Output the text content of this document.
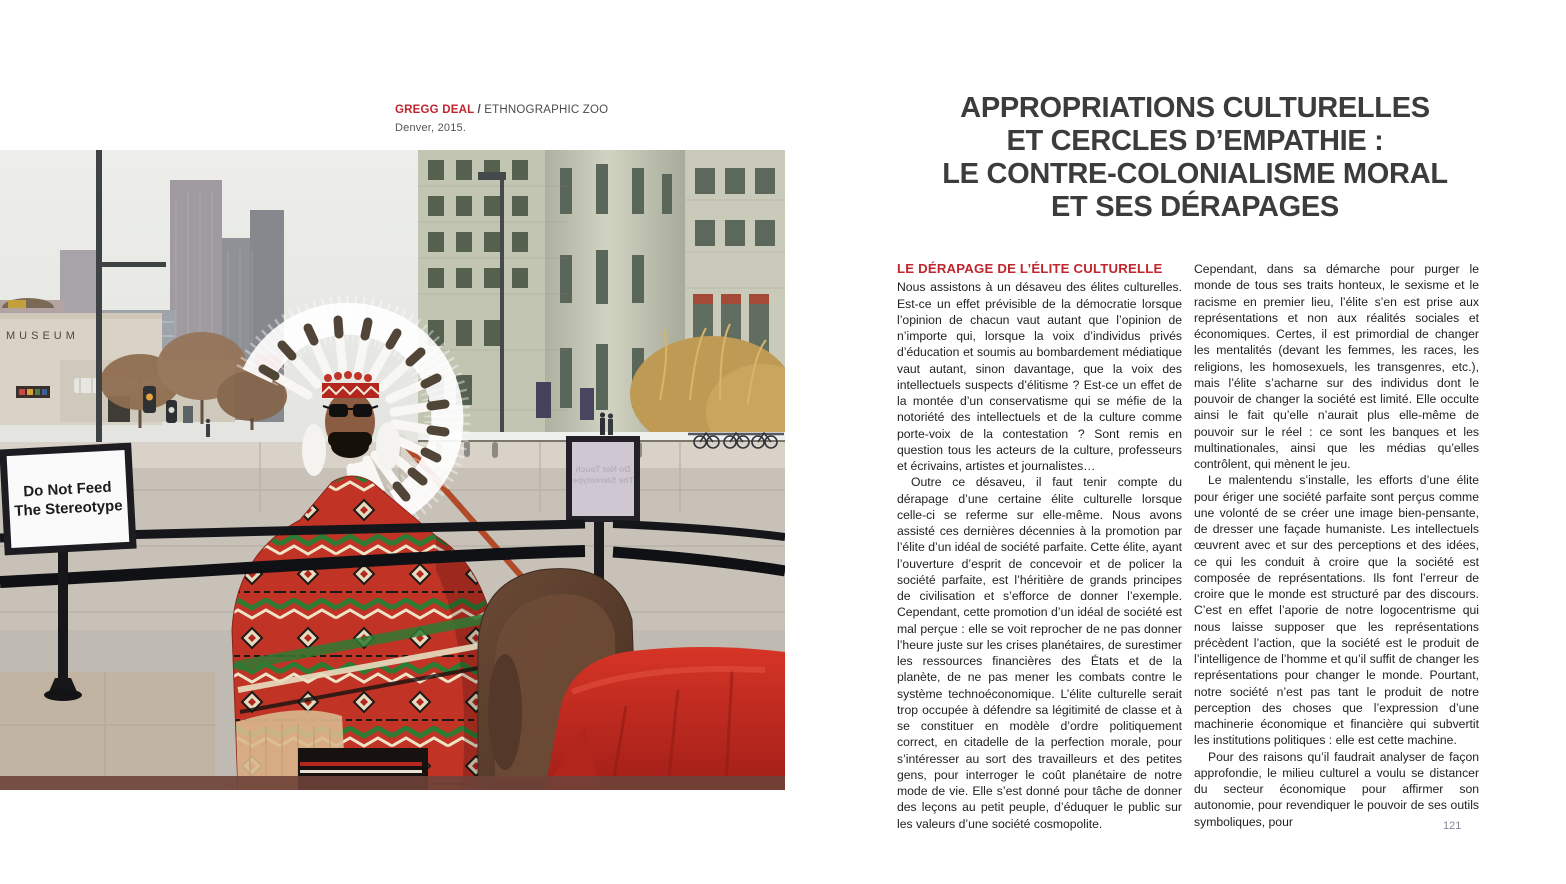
GREGG DEAL / ETHNOGRAPHIC ZOO
Denver, 2015.
MUSEUM
Do Not Touch
The Stereotype
Do Not Feed
The Stereotype
APPROPRIATIONS CULTURELLES
ET CERCLES D’EMPATHIE :
LE CONTRE-COLONIALISME MORAL
ET SES DÉRAPAGES
LE DÉRAPAGE DE L’ÉLITE CULTURELLE

Nous assistons à un désaveu des élites culturelles. Est-ce un effet prévisible de la démocratie lorsque l’opinion de chacun vaut autant que l’opinion de n’importe qui, lorsque la voix d’individus privés d’éducation et soumis au bombardement médiatique vaut autant, sinon davantage, que la voix des intellectuels suspects d’élitisme ? Est-ce un effet de la montée d’un conservatisme qui se méfie de la notoriété des intellectuels et de la culture comme porte-voix de la contestation ? Sont remis en question tous les acteurs de la culture, professeurs et écrivains, artistes et journalistes…

Outre ce désaveu, il faut tenir compte du dérapage d’une certaine élite culturelle lorsque celle-ci se referme sur elle-même. Nous avons assisté ces dernières décennies à la promotion par l’élite d’un idéal de société parfaite. Cette élite, ayant l’ouverture d’esprit de concevoir et de policer la société parfaite, est l’héritière de grands principes de civilisation et s’efforce de donner l’exemple. Cependant, cette promotion d’un idéal de société est mal perçue : elle se voit reprocher de ne pas donner l’heure juste sur les crises planétaires, de surestimer les ressources financières des États et de la planète, de ne pas mener les combats contre le système technoéconomique. L’élite culturelle serait trop occupée à défendre sa légitimité de classe et à se constituer en modèle d’ordre politiquement correct, en citadelle de la perfection morale, pour s’intéresser au sort des travailleurs et des petites gens, pour interroger le coût planétaire de notre mode de vie. Elle s’est donné pour tâche de donner des leçons au petit peuple, d’éduquer le public sur les valeurs d’une société cosmopolite.

Cependant, dans sa démarche pour purger le monde de tous ses traits honteux, le sexisme et le racisme en premier lieu, l’élite s’en est prise aux représentations et non aux réalités sociales et économiques. Certes, il est primordial de changer les mentalités (devant les femmes, les races, les religions, les homosexuels, les transgenres, etc.), mais l’élite s’acharne sur des individus dont le pouvoir de changer la société est limité. Elle occulte ainsi le fait qu’elle n’aurait plus elle-même de pouvoir sur le réel : ce sont les banques et les multinationales, ainsi que les médias qu’elles contrôlent, qui mènent le jeu.

Le malentendu s’installe, les efforts d’une élite pour ériger une société parfaite sont perçus comme une volonté de se créer une image bien-pensante, de dresser une façade humaniste. Les intellectuels œuvrent avec et sur des perceptions et des idées, ce qui les conduit à croire que la société est composée de représentations. Ils font l’erreur de croire que le monde est structuré par des discours. C’est en effet l’aporie de notre logocentrisme qui nous laisse supposer que les représentations précèdent l’action, que la société est le produit de l’intelligence de l’homme et qu’il suffit de changer les représentations pour changer le monde. Pourtant, notre société n’est pas tant le produit de notre perception des choses que l’expression d’une machinerie économique et financière qui subvertit les institutions politiques : elle est cette machine.

Pour des raisons qu’il faudrait analyser de façon approfondie, le milieu culturel a voulu se distancer du secteur économique pour affirmer son autonomie, pour revendiquer le pouvoir de ses outils symboliques, pour	121
